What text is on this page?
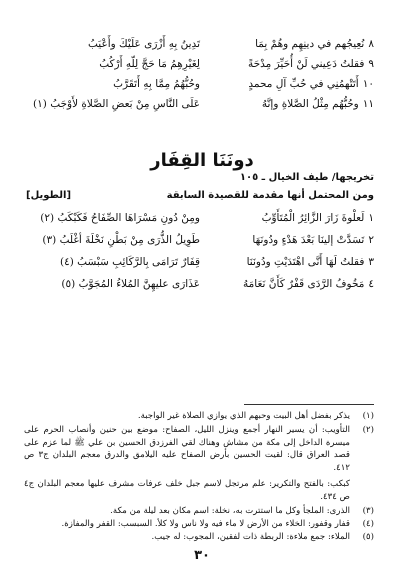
٨نُعِيجُهم في دينِهِم وهُمْ بِمَا
تَدِينُ بِهِ أَزْرَى عَلَيْكَ وأَعْيَبُ
٩فقلتُ دَعِيني لَنْ أُحَيِّرَ مِدْحَةً
لِغَيْرِهِمُ مَا حَجَّ لِلّهِ أَرْكُبُ
١٠أَتَتْهمُنِي في حُبِّ آلِ محمدٍ
وحُبُّهُمُ مِمَّا بِهِ أَتَقَرَّبُ
١١وحُبُّهُم مِثْلُ الصَّلاةِ وإنَّهُ
عَلَى النَّاسِ مِنْ بَعضِ الصَّلاةِ لأَوْجَبُ (١)
دونَنَا القِفَار
تخريجها/ طيف الخيال ـ ١٠٥
ومن المحتمل أنها مقدمة للقصيدة السابقة
[الطويل]
١لَعلْوةَ زَارَ الزَّائِرُ الْمُتَأَوِّبُ
ومِنْ دُونِ مَسْرَاهَا الصِّفَاحُ فَكَبْكَبُ (٢)
٢تَسَدَّتْ إلينَا بَعْدَ هَدْءٍ ودُونَهَا
طَوِيلُ الذُّرَى مِنْ بَطْنِ نَخْلَةَ أغْلَبُ (٣)
٣فقلتُ لَهَا أَنَّى اهْتَدَيْتِ ودُونَنَا
قِفَارٌ تَرَامَى بِالرَّكَائِبِ سَبْسَبُ (٤)
٤مَخُوفُ الرَّدَى قَفْرٌ كَأَنَّ نَعَامَهُ
عَذَارَى عليهِنَّ المُلاءُ المُجَوَّبُ (٥)
(١)
يذكر بفضل أهل البيت وحبهم الذي يوازي الصلاة غير الواجبة.
(٢)
التأويب: أن يسير النهار أجمع وينزل الليل، الصفاح: موضع بين حنين وأنصاب الحرم على ميسرة الداخل إلى مكة من مشاش وهناك لقي الفرزدق الحسين بن علي ﷺ لما عزم على قصد العراق قال: لقيت الحسين بأرض الصفاح عليه اليلامق والدرق معجم البلدان ج٣ ص ٤١٢.
كبكب: بالفتح والتكرير: علم مرتجل لاسم جبل خلف عرفات مشرف عليها معجم البلدان ج٤ ص ٤٣٤.
(٣)
الذرى: الملجأ وكل ما استترت به، نخلة: اسم مكان بعد ليلة من مكة.
(٤)
قفار وقفور: الخلاء من الأرض لا ماء فيه ولا ناس ولا كلأ. السبسب: القفر والمفازة.
(٥)
الملاء: جمع ملاءة: الربطة ذات لفقين، المجوب: له جيب.
٣٠
